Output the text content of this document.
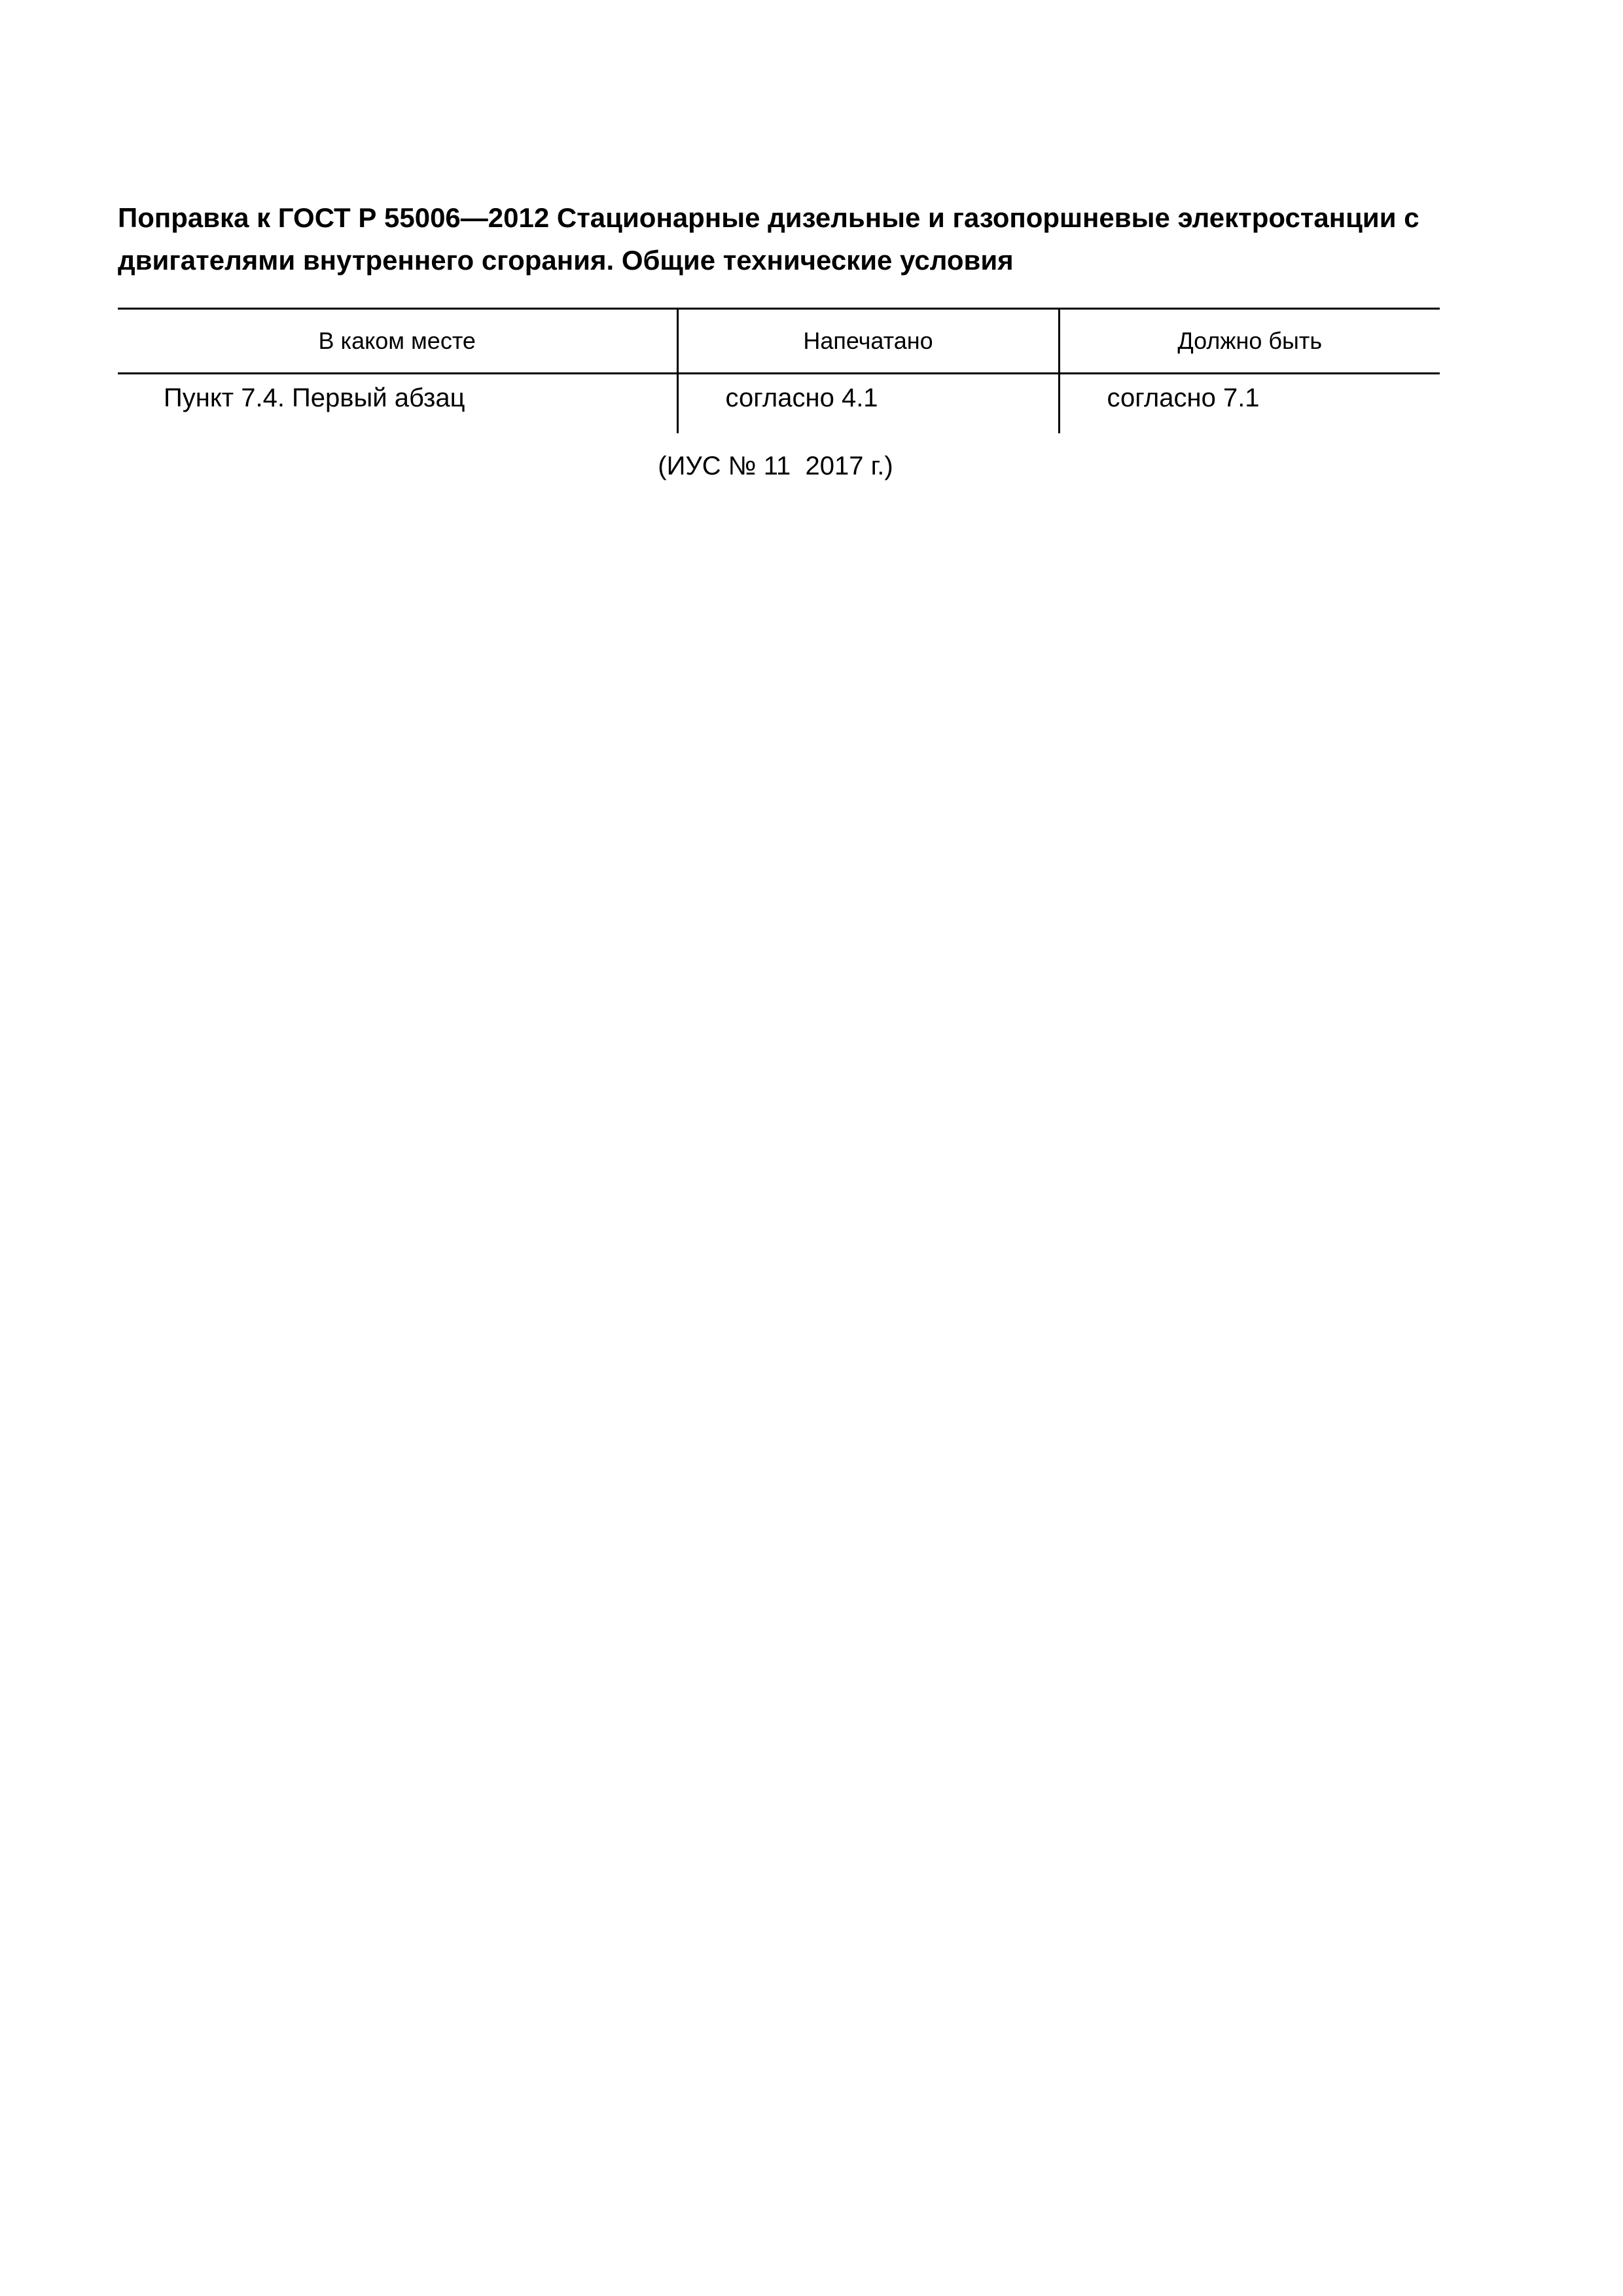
Поправка к ГОСТ Р 55006—2012 Стационарные дизельные и газопоршневые электростанции с
двигателями внутреннего сгорания. Общие технические условия
В каком месте	Напечатано	Должно быть
Пункт 7.4. Первый абзац	согласно 4.1	согласно 7.1
(ИУС № 11  2017 г.)
